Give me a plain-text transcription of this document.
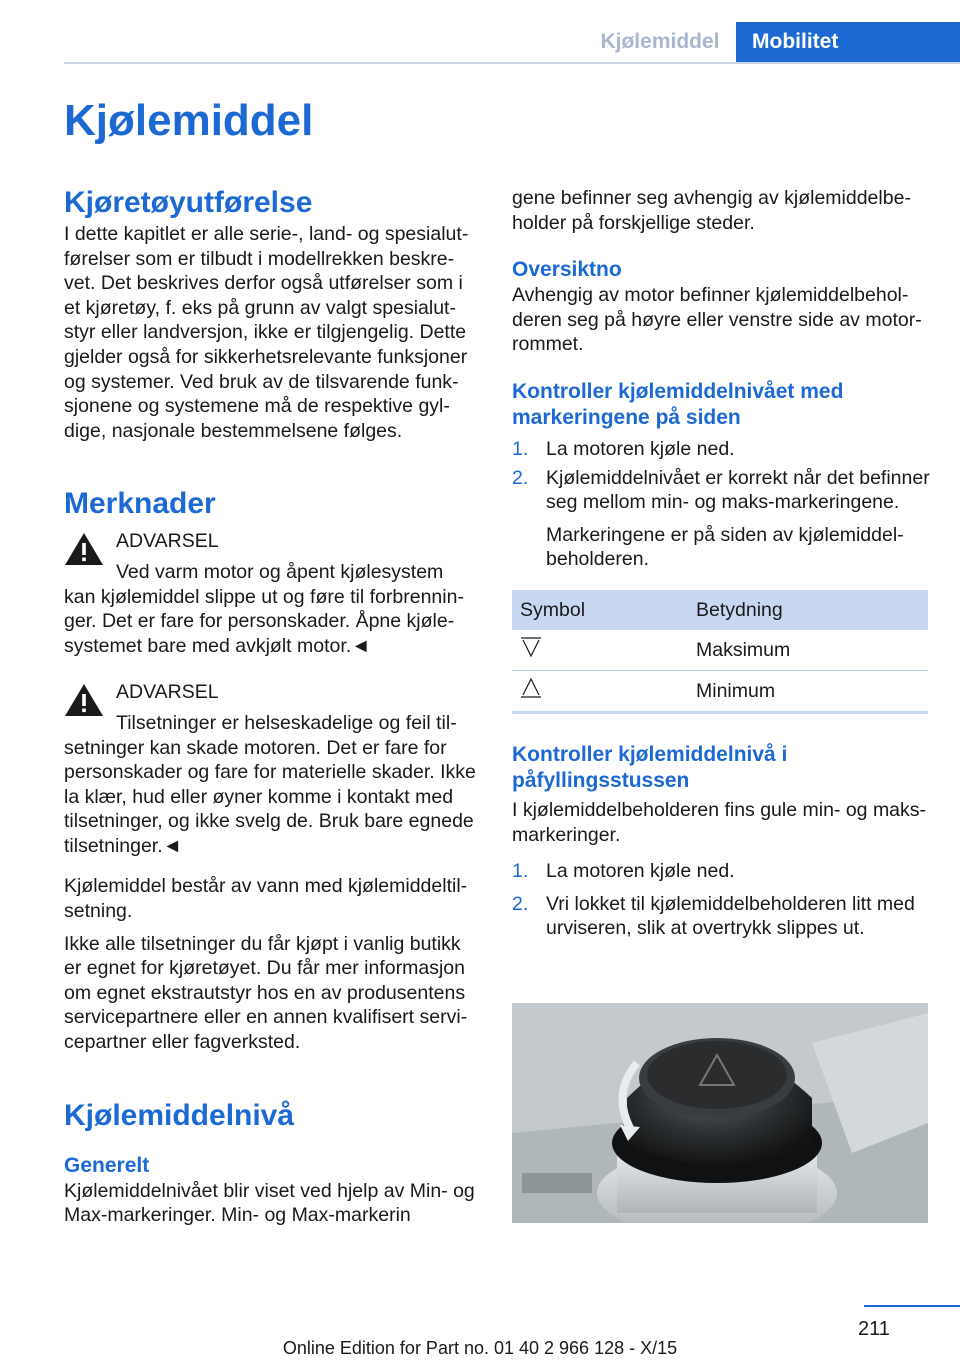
Kjølemiddel	Mobilitet
Kjølemiddel
Kjøretøyutførelse

I dette kapitlet er alle serie-, land- og spesialutførelser som er tilbudt i modellrekken beskrevet. Det beskrives derfor også utførelser som i et kjøretøy, f. eks på grunn av valgt spesialutstyr eller landversjon, ikke er tilgjengelig. Dette gjelder også for sikkerhetsrelevante funksjoner og systemer. Ved bruk av de tilsvarende funksjonene og systemene må de respektive gyldige, nasjonale bestemmelsene følges.

Merknader

ADVARSEL

Ved varm motor og åpent kjølesystem kan kjølemiddel slippe ut og føre til forbrenninger. Det er fare for personskader. Åpne kjølesystemet bare med avkjølt motor.◄

ADVARSEL

Tilsetninger er helseskadelige og feil tilsetninger kan skade motoren. Det er fare for personskader og fare for materielle skader. Ikke la klær, hud eller øyner komme i kontakt med tilsetninger, og ikke svelg de. Bruk bare egnede tilsetninger.◄

Kjølemiddel består av vann med kjølemiddeltilsetning.

Ikke alle tilsetninger du får kjøpt i vanlig butikk er egnet for kjøretøyet. Du får mer informasjon om egnet ekstrautstyr hos en av produsentens servicepartnere eller en annen kvalifisert servicepartner eller fagverksted.

Kjølemiddelnivå
Generelt

Kjølemiddelnivået blir viset ved hjelp av Min- og Max-markeringer. Min- og Max-markerin

gene befinner seg avhengig av kjølemiddelbeholder på forskjellige steder.

Oversiktno

Avhengig av motor befinner kjølemiddelbeholderen seg på høyre eller venstre side av motorrommet.

Kontroller kjølemiddelnivået med markeringene på siden
1. La motoren kjøle ned.
2. Kjølemiddelnivået er korrekt når det befinner seg mellom min- og maks-markeringene.
Markeringene er på siden av kjølemiddelbeholderen.
Symbol	Betydning
	Maksimum
	Minimum
Kontroller kjølemiddelnivå i påfyllingsstussen

I kjølemiddelbeholderen fins gule min- og maks-markeringer.

1. La motoren kjøle ned.
2. Vri lokket til kjølemiddelbeholderen litt med urviseren, slik at overtrykk slippes ut.
211
Online Edition for Part no. 01 40 2 966 128 - X/15
